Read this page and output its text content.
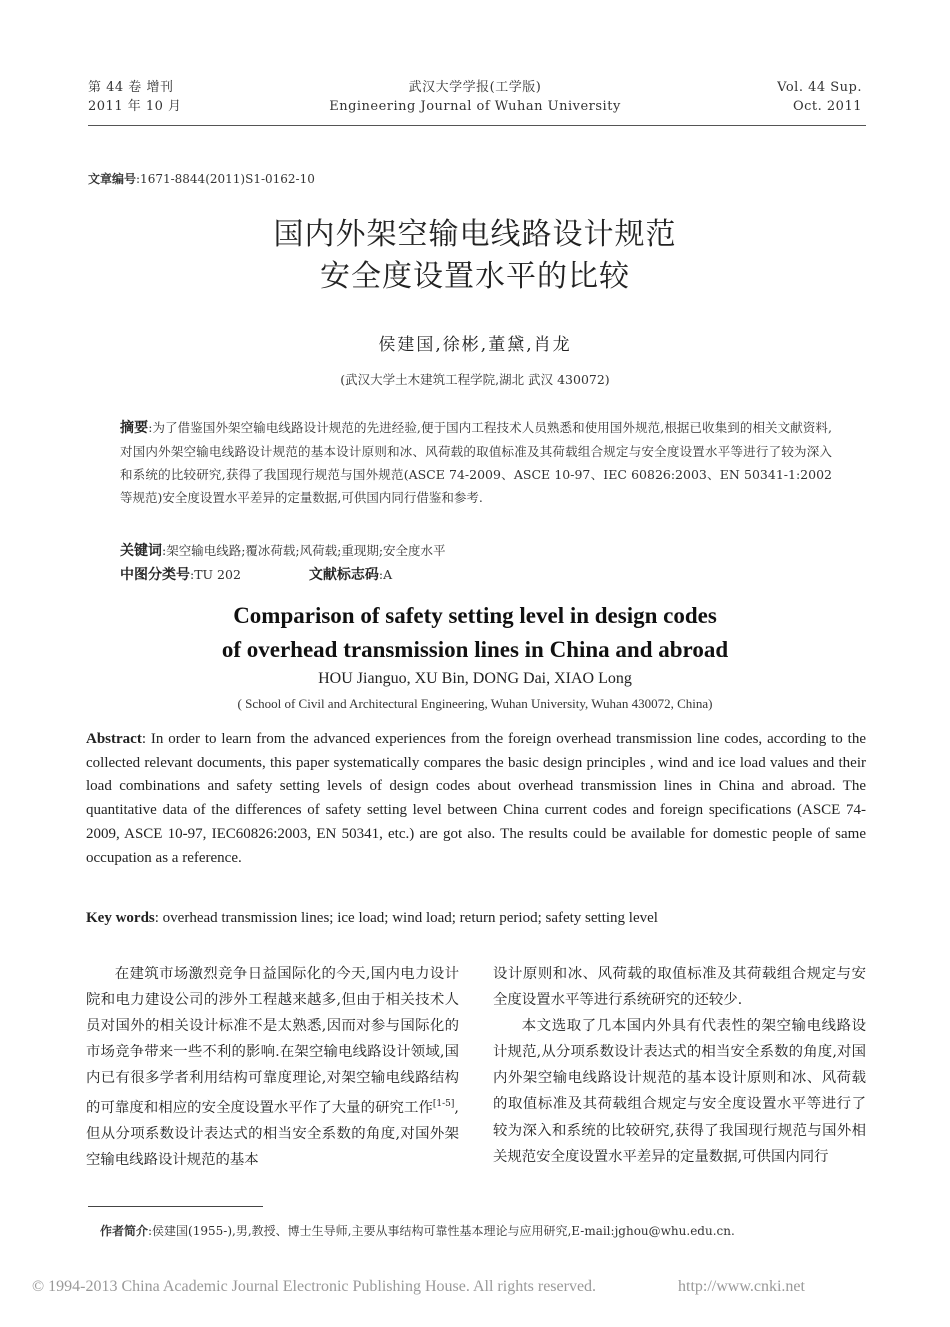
第 44 卷 增刊
2011 年 10 月
武汉大学学报(工学版)
Engineering Journal of Wuhan University
Vol. 44 Sup.
Oct. 2011
文章编号:1671-8844(2011)S1-0162-10
国内外架空输电线路设计规范
安全度设置水平的比较
侯建国,徐彬,董黛,肖龙
(武汉大学土木建筑工程学院,湖北 武汉 430072)
摘要:为了借鉴国外架空输电线路设计规范的先进经验,便于国内工程技术人员熟悉和使用国外规范,根据已收集到的相关文献资料,对国内外架空输电线路设计规范的基本设计原则和冰、风荷载的取值标准及其荷载组合规定与安全度设置水平等进行了较为深入和系统的比较研究,获得了我国现行规范与国外规范(ASCE 74-2009、ASCE 10-97、IEC 60826:2003、EN 50341-1:2002 等规范)安全度设置水平差异的定量数据,可供国内同行借鉴和参考.
关键词:架空输电线路;覆冰荷载;风荷载;重现期;安全度水平
中图分类号:TU 202	文献标志码:A
Comparison of safety setting level in design codes
of overhead transmission lines in China and abroad
HOU Jianguo, XU Bin, DONG Dai, XIAO Long
( School of Civil and Architectural Engineering, Wuhan University, Wuhan 430072, China)
Abstract: In order to learn from the advanced experiences from the foreign overhead transmission line codes, according to the collected relevant documents, this paper systematically compares the basic design principles , wind and ice load values and their load combinations and safety setting levels of design codes about overhead transmission lines in China and abroad. The quantitative data of the differences of safety setting level between China current codes and foreign specifications (ASCE 74-2009, ASCE 10-97, IEC60826:2003, EN 50341, etc.) are got also. The results could be available for domestic people of same occupation as a reference.
Key words: overhead transmission lines; ice load; wind load; return period; safety setting level

在建筑市场激烈竞争日益国际化的今天,国内电力设计院和电力建设公司的涉外工程越来越多,但由于相关技术人员对国外的相关设计标准不是太熟悉,因而对参与国际化的市场竞争带来一些不利的影响.在架空输电线路设计领域,国内已有很多学者利用结构可靠度理论,对架空输电线路结构的可靠度和相应的安全度设置水平作了大量的研究工作[1-5],但从分项系数设计表达式的相当安全系数的角度,对国外架空输电线路设计规范的基本

设计原则和冰、风荷载的取值标准及其荷载组合规定与安全度设置水平等进行系统研究的还较少.

本文选取了几本国内外具有代表性的架空输电线路设计规范,从分项系数设计表达式的相当安全系数的角度,对国内外架空输电线路设计规范的基本设计原则和冰、风荷载的取值标准及其荷载组合规定与安全度设置水平等进行了较为深入和系统的比较研究,获得了我国现行规范与国外相关规范安全度设置水平差异的定量数据,可供国内同行

作者简介:侯建国(1955-),男,教授、博士生导师,主要从事结构可靠性基本理论与应用研究,E-mail:jghou@whu.edu.cn.
© 1994-2013 China Academic Journal Electronic Publishing House. All rights reserved.	http://www.cnki.net
